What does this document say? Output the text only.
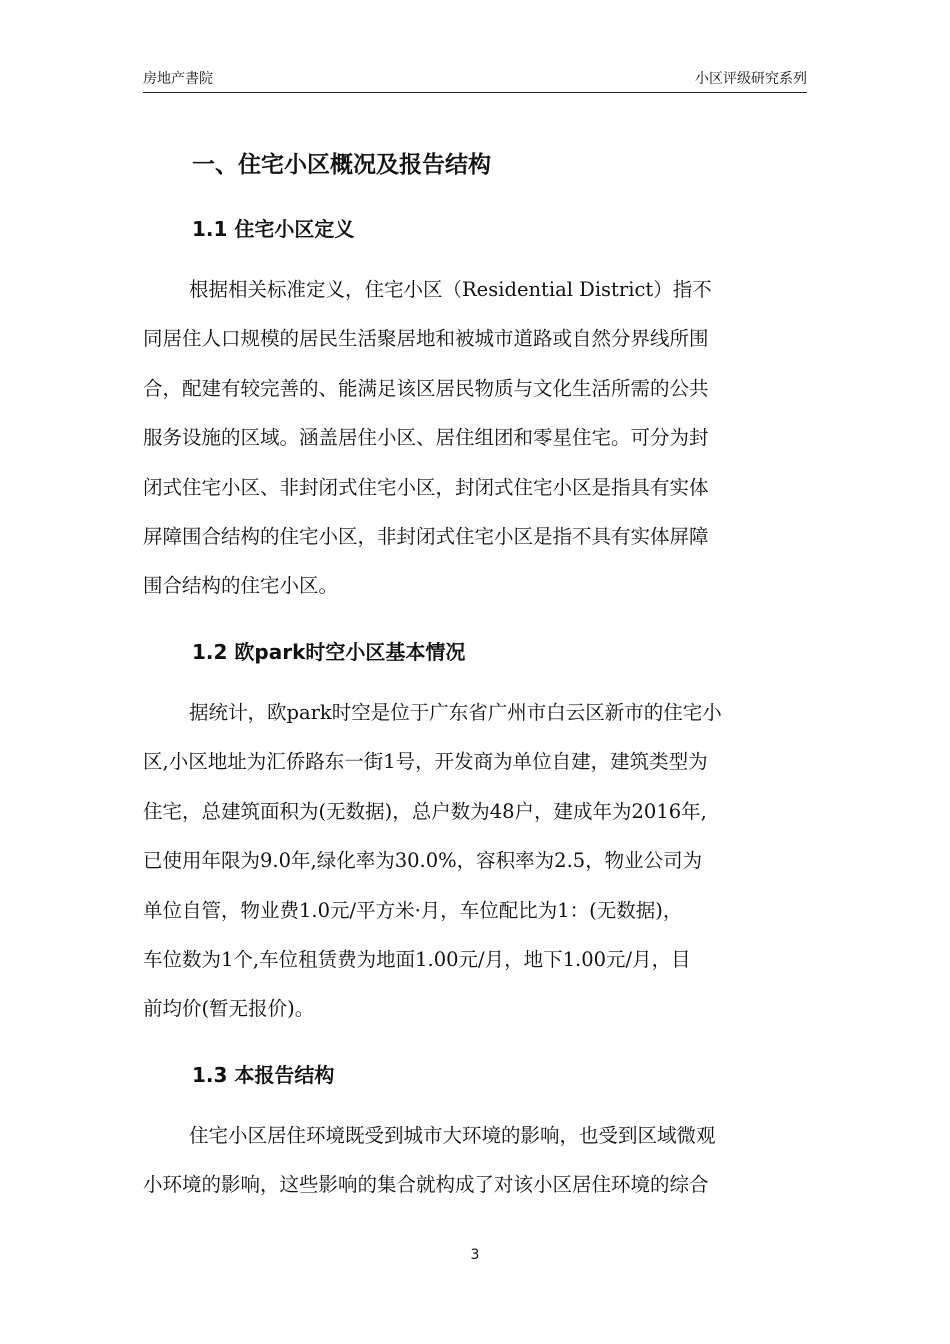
房地产書院	小区评级研究系列
一、住宅小区概况及报告结构
1.1 住宅小区定义
根据相关标准定义，住宅小区（Residential District）指不
同居住人口规模的居民生活聚居地和被城市道路或自然分界线所围
合，配建有较完善的、能满足该区居民物质与文化生活所需的公共
服务设施的区域。涵盖居住小区、居住组团和零星住宅。可分为封
闭式住宅小区、非封闭式住宅小区，封闭式住宅小区是指具有实体
屏障围合结构的住宅小区，非封闭式住宅小区是指不具有实体屏障
围合结构的住宅小区。
1.2 欧park时空小区基本情况
据统计，欧park时空是位于广东省广州市白云区新市的住宅小
区,小区地址为汇侨路东一街1号，开发商为单位自建，建筑类型为
住宅，总建筑面积为(无数据)，总户数为48户，建成年为2016年,
已使用年限为9.0年,绿化率为30.0%，容积率为2.5，物业公司为
单位自管，物业费1.0元/平方米·月，车位配比为1：(无数据)，
车位数为1个,车位租赁费为地面1.00元/月，地下1.00元/月，目
前均价(暂无报价)。
1.3 本报告结构
住宅小区居住环境既受到城市大环境的影响，也受到区域微观
小环境的影响，这些影响的集合就构成了对该小区居住环境的综合
3
